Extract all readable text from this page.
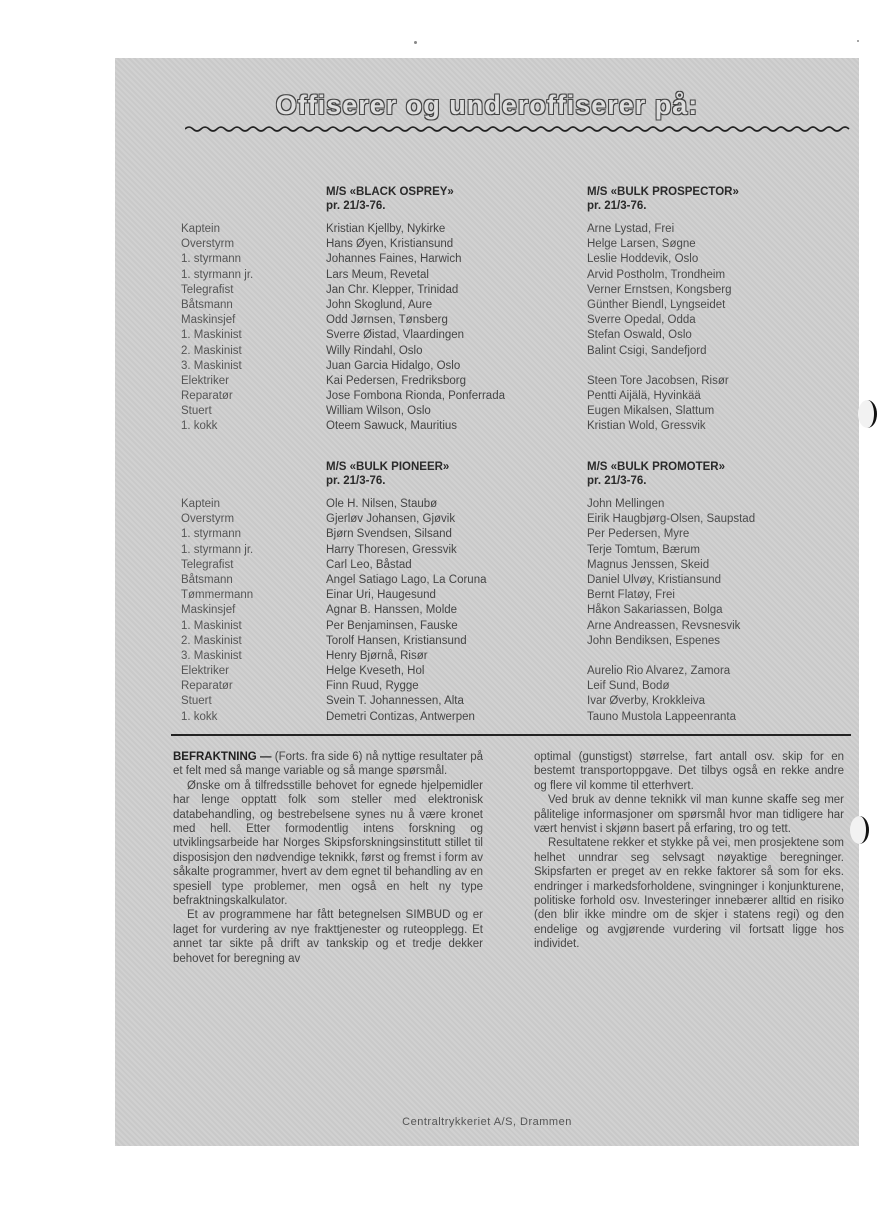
Offiserer og underoffiserer på:
M/S «BLACK OSPREY»
pr. 21/3-76.
M/S «BULK PROSPECTOR»
pr. 21/3-76.
Kaptein
Overstyrm
1. styrmann
1. styrmann jr.
Telegrafist
Båtsmann
Maskinsjef
1. Maskinist
2. Maskinist
3. Maskinist
Elektriker
Reparatør
Stuert
1. kokk
Kristian Kjellby, Nykirke
Hans Øyen, Kristiansund
Johannes Faines, Harwich
Lars Meum, Revetal
Jan Chr. Klepper, Trinidad
John Skoglund, Aure
Odd Jørnsen, Tønsberg
Sverre Øistad, Vlaardingen
Willy Rindahl, Oslo
Juan Garcia Hidalgo, Oslo
Kai Pedersen, Fredriksborg
Jose Fombona Rionda, Ponferrada
William Wilson, Oslo
Oteem Sawuck, Mauritius
Arne Lystad, Frei
Helge Larsen, Søgne
Leslie Hoddevik, Oslo
Arvid Postholm, Trondheim
Verner Ernstsen, Kongsberg
Günther Biendl, Lyngseidet
Sverre Opedal, Odda
Stefan Oswald, Oslo
Balint Csigi, Sandefjord
Steen Tore Jacobsen, Risør
Pentti Aijälä, Hyvinkää
Eugen Mikalsen, Slattum
Kristian Wold, Gressvik
M/S «BULK PIONEER»
pr. 21/3-76.
M/S «BULK PROMOTER»
pr. 21/3-76.
Kaptein
Overstyrm
1. styrmann
1. styrmann jr.
Telegrafist
Båtsmann
Tømmermann
Maskinsjef
1. Maskinist
2. Maskinist
3. Maskinist
Elektriker
Reparatør
Stuert
1. kokk
Ole H. Nilsen, Staubø
Gjerløv Johansen, Gjøvik
Bjørn Svendsen, Silsand
Harry Thoresen, Gressvik
Carl Leo, Båstad
Angel Satiago Lago, La Coruna
Einar Uri, Haugesund
Agnar B. Hanssen, Molde
Per Benjaminsen, Fauske
Torolf Hansen, Kristiansund
Henry Bjørnå, Risør
Helge Kveseth, Hol
Finn Ruud, Rygge
Svein T. Johannessen, Alta
Demetri Contizas, Antwerpen
John Mellingen
Eirik Haugbjørg-Olsen, Saupstad
Per Pedersen, Myre
Terje Tomtum, Bærum
Magnus Jenssen, Skeid
Daniel Ulvøy, Kristiansund
Bernt Flatøy, Frei
Håkon Sakariassen, Bolga
Arne Andreassen, Revsnesvik
John Bendiksen, Espenes
Aurelio Rio Alvarez, Zamora
Leif Sund, Bodø
Ivar Øverby, Krokkleiva
Tauno Mustola Lappeenranta

BEFRAKTNING — (Forts. fra side 6) nå nyttige resultater på et felt med så mange variable og så mange spørsmål.

Ønske om å tilfredsstille behovet for egnede hjelpemidler har lenge opptatt folk som steller med elektronisk databehandling, og bestrebelsene synes nu å være kronet med hell. Etter formodentlig intens forskning og utviklingsarbeide har Norges Skipsforskningsinstitutt stillet til disposisjon den nødvendige teknikk, først og fremst i form av såkalte programmer, hvert av dem egnet til behandling av en spesiell type problemer, men også en helt ny type befraktningskalkulator.

Et av programmene har fått betegnelsen SIMBUD og er laget for vurdering av nye frakttjenester og ruteopplegg. Et annet tar sikte på drift av tankskip og et tredje dekker behovet for beregning av

optimal (gunstigst) størrelse, fart antall osv. skip for en bestemt transportoppgave. Det tilbys også en rekke andre og flere vil komme til etterhvert.

Ved bruk av denne teknikk vil man kunne skaffe seg mer pålitelige informasjoner om spørsmål hvor man tidligere har vært henvist i skjønn basert på erfaring, tro og tett.

Resultatene rekker et stykke på vei, men prosjektene som helhet unndrar seg selvsagt nøyaktige beregninger. Skipsfarten er preget av en rekke faktorer så som for eks. endringer i markedsforholdene, svingninger i konjunkturene, politiske forhold osv. Investeringer innebærer alltid en risiko (den blir ikke mindre om de skjer i statens regi) og den endelige og avgjørende vurdering vil fortsatt ligge hos individet.

Centraltrykkeriet A/S, Drammen
